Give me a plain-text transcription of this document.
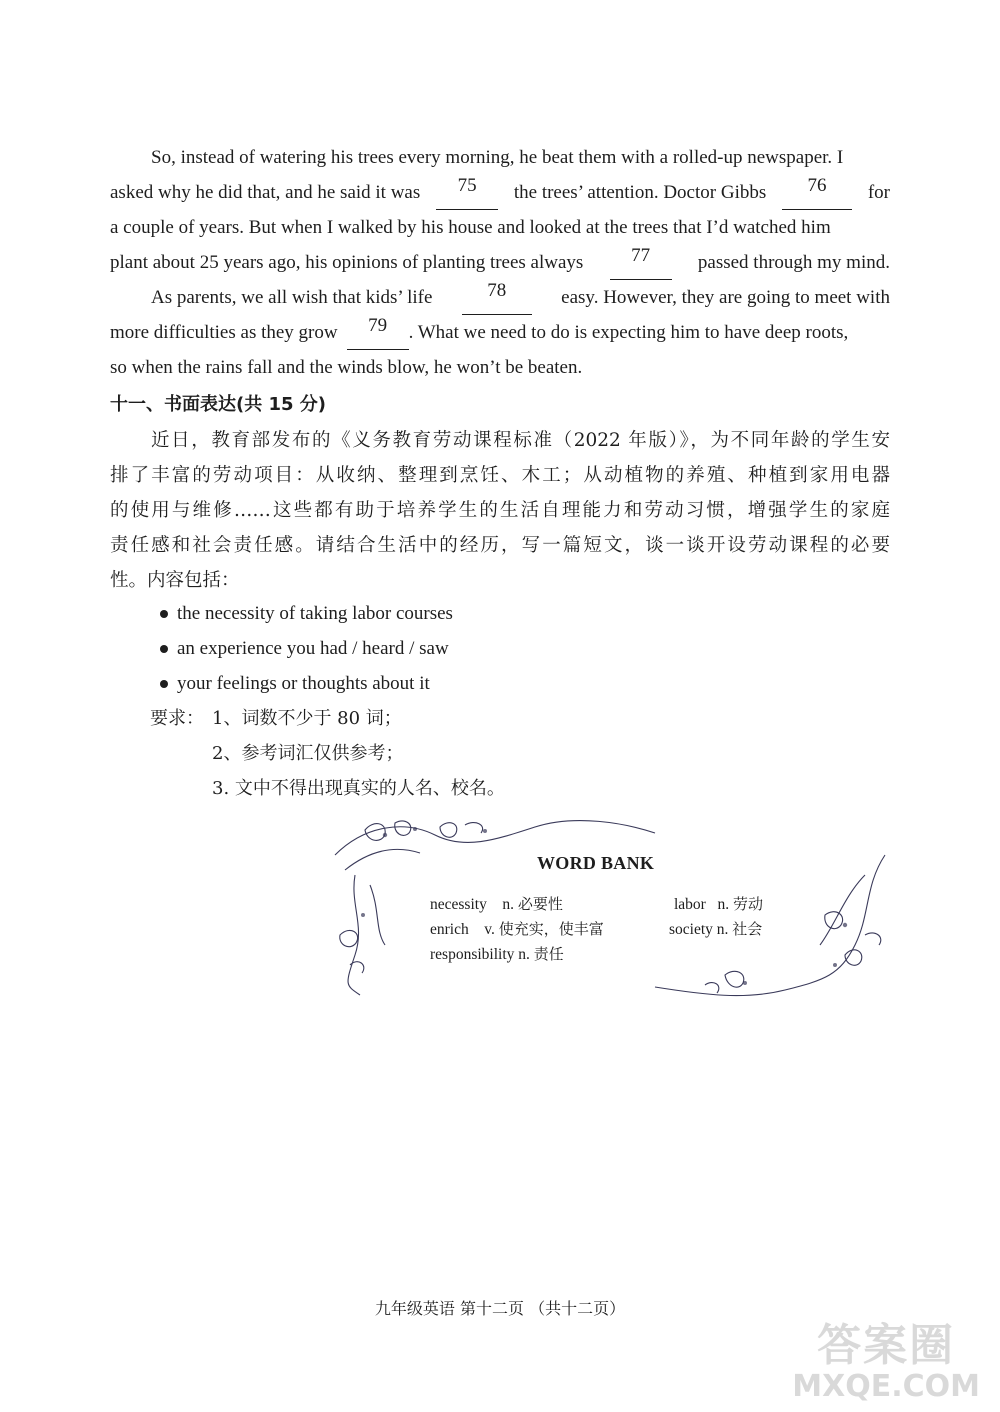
So, instead of watering his trees every morning, he beat them with a rolled-up newspaper. I
asked why he did that, and he said it was	75	the trees’ attention. Doctor Gibbs	76	for
a couple of years. But when I walked by his house and looked at the trees that I’d watched him
plant about 25 years ago, his opinions of planting trees always	77	passed through my mind.
As parents, we all wish that kids’ life	78	easy. However, they are going to meet with
more difficulties as they grow	79	. What we need to do is expecting him to have deep roots,
so when the rains fall and the winds blow, he won’t be beaten.
十一、书面表达(共 15 分)
近日，教育部发布的《义务教育劳动课程标准（2022 年版）》，为不同年龄的学生安
排了丰富的劳动项目：从收纳、整理到烹饪、木工；从动植物的养殖、种植到家用电器
的使用与维修……这些都有助于培养学生的生活自理能力和劳动习惯，增强学生的家庭
责任感和社会责任感。请结合生活中的经历，写一篇短文，谈一谈开设劳动课程的必要
性。内容包括：
the necessity of taking labor courses
an experience you had / heard / saw
your feelings or thoughts about it
要求： 1、词数不少于 80 词；
2、参考词汇仅供参考；
3. 文中不得出现真实的人名、校名。
WORD BANK
necessity n. 必要性	labor n. 劳动
enrich v. 使充实，使丰富	society n. 社会
responsibility n. 责任
九年级英语 第十二页 （共十二页）
答案圈
MXQE.COM
